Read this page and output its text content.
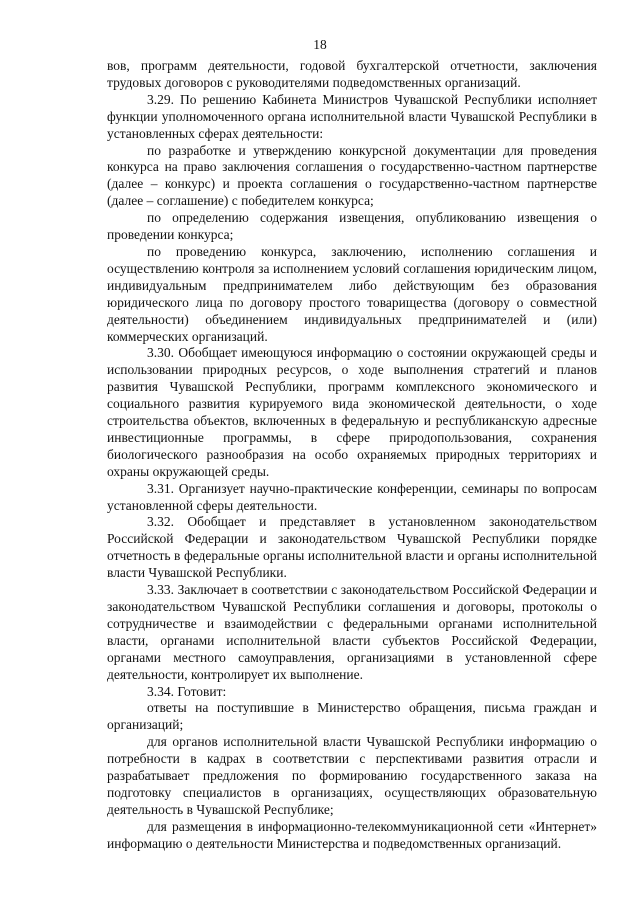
18

вов, программ деятельности, годовой бухгалтерской отчетности, заключения трудовых договоров с руководителями подведомственных организаций.

3.29. По решению Кабинета Министров Чувашской Республики исполняет функции уполномоченного органа исполнительной власти Чувашской Республики в установленных сферах деятельности:

по разработке и утверждению конкурсной документации для проведения конкурса на право заключения соглашения о государственно-частном партнерстве (далее – конкурс) и проекта соглашения о государственно-частном партнерстве (далее – соглашение) с победителем конкурса;

по определению содержания извещения, опубликованию извещения о проведении конкурса;

по проведению конкурса, заключению, исполнению соглашения и осуществлению контроля за исполнением условий соглашения юридическим лицом, индивидуальным предпринимателем либо действующим без образования юридического лица по договору простого товарищества (договору о совместной деятельности) объединением индивидуальных предпринимателей и (или) коммерческих организаций.

3.30. Обобщает имеющуюся информацию о состоянии окружающей среды и использовании природных ресурсов, о ходе выполнения стратегий и планов развития Чувашской Республики, программ комплексного экономического и социального развития курируемого вида экономической деятельности, о ходе строительства объектов, включенных в федеральную и республиканскую адресные инвестиционные программы, в сфере природопользования, сохранения биологического разнообразия на особо охраняемых природных территориях и охраны окружающей среды.

3.31. Организует научно-практические конференции, семинары по вопросам установленной сферы деятельности.

3.32. Обобщает и представляет в установленном законодательством Российской Федерации и законодательством Чувашской Республики порядке отчетность в федеральные органы исполнительной власти и органы исполнительной власти Чувашской Республики.

3.33. Заключает в соответствии с законодательством Российской Федерации и законодательством Чувашской Республики соглашения и договоры, протоколы о сотрудничестве и взаимодействии с федеральными органами исполнительной власти, органами исполнительной власти субъектов Российской Федерации, органами местного самоуправления, организациями в установленной сфере деятельности, контролирует их выполнение.

3.34. Готовит:

ответы на поступившие в Министерство обращения, письма граждан и организаций;

для органов исполнительной власти Чувашской Республики информацию о потребности в кадрах в соответствии с перспективами развития отрасли и разрабатывает предложения по формированию государственного заказа на подготовку специалистов в организациях, осуществляющих образовательную деятельность в Чувашской Республике;

для размещения в информационно-телекоммуникационной сети «Интернет» информацию о деятельности Министерства и подведомственных организаций.
